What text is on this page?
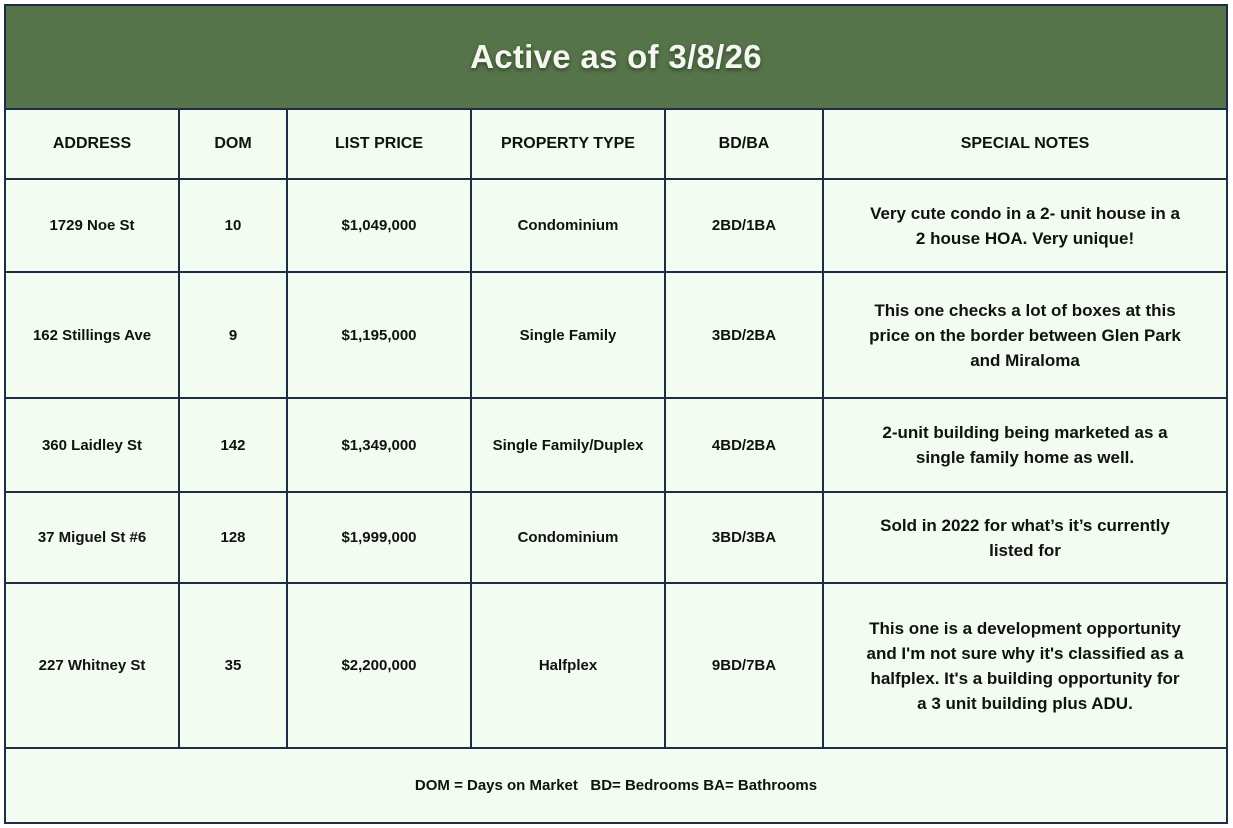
Active as of 3/8/26
ADDRESS	DOM	LIST PRICE	PROPERTY TYPE	BD/BA	SPECIAL NOTES
1729 Noe St	10	$1,049,000	Condominium	2BD/1BA	Very cute condo in a 2- unit house in a 2 house HOA. Very unique!
162 Stillings Ave	9	$1,195,000	Single Family	3BD/2BA	This one checks a lot of boxes at this price on the border between Glen Park and Miraloma
360 Laidley St	142	$1,349,000	Single Family/Duplex	4BD/2BA	2-unit building being marketed as a single family home as well.
37 Miguel St #6	128	$1,999,000	Condominium	3BD/3BA	Sold in 2022 for what’s it’s currently listed for
227 Whitney St	35	$2,200,000	Halfplex	9BD/7BA	This one is a development opportunity and I'm not sure why it's classified as a halfplex. It's a building opportunity for a 3 unit building plus ADU.
DOM = Days on Market   BD= Bedrooms BA= Bathrooms
